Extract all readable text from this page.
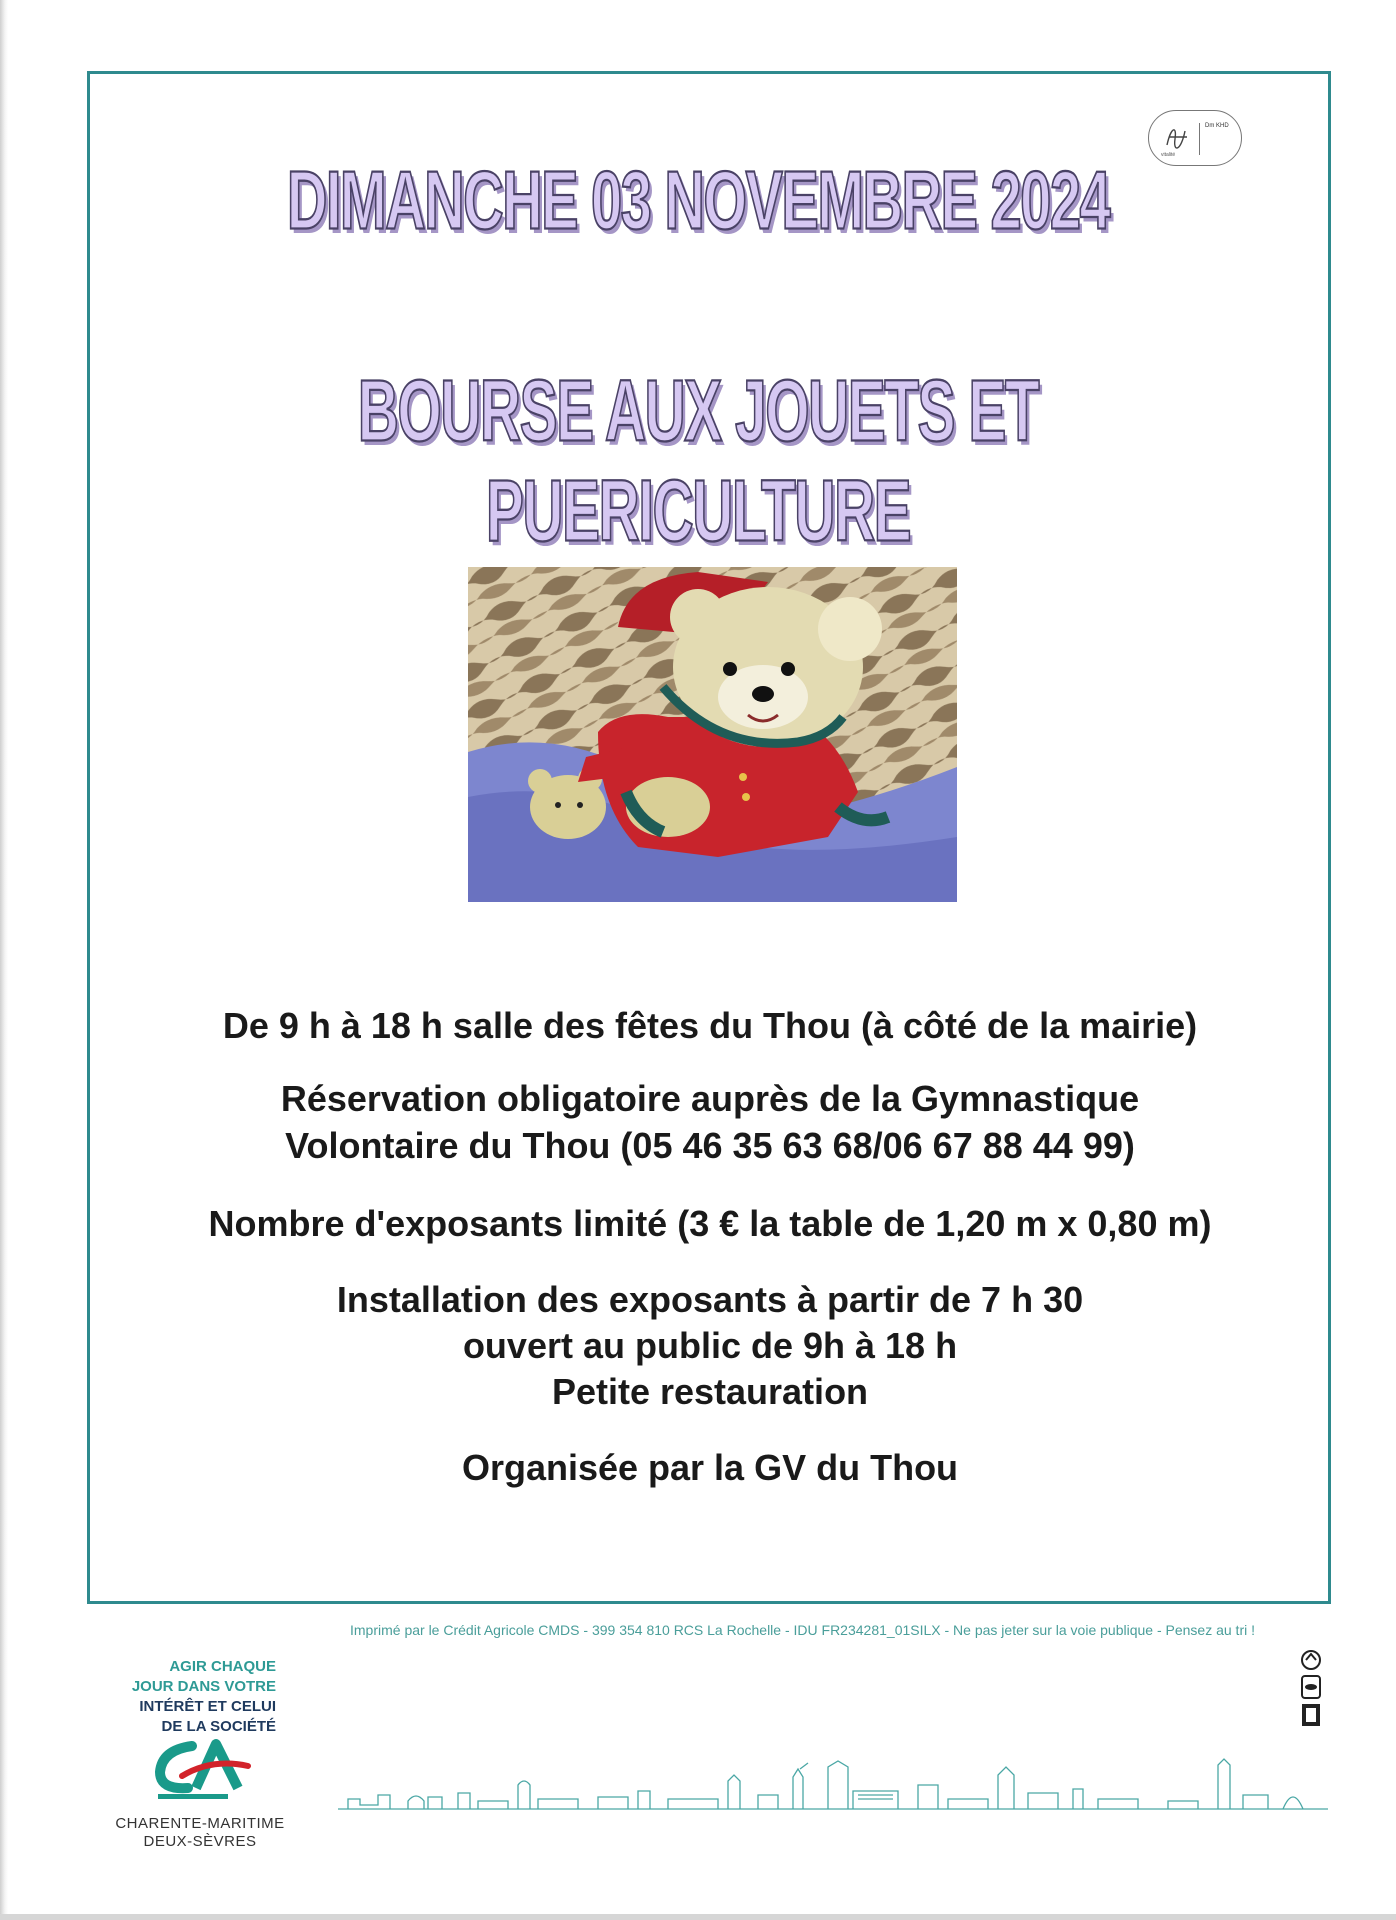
Dm KHD
vitalité
DIMANCHE 03 NOVEMBRE 2024
BOURSE AUX JOUETS ET PUERICULTURE
De 9 h à 18 h salle des fêtes du Thou (à côté de la mairie)
Réservation obligatoire auprès de la Gymnastique
Volontaire du Thou (05 46 35 63 68/06 67 88 44 99)
Nombre d'exposants limité (3 € la table de 1,20 m x 0,80 m)
Installation des exposants à partir de 7 h 30
ouvert au public de 9h à 18 h
Petite restauration
Organisée par la GV du Thou
Imprimé par le Crédit Agricole CMDS - 399 354 810 RCS La Rochelle - IDU FR234281_01SILX - Ne pas jeter sur la voie publique - Pensez au tri !
AGIR CHAQUE
JOUR DANS VOTRE
INTÉRÊT ET CELUI
DE LA SOCIÉTÉ
CHARENTE-MARITIME
DEUX-SÈVRES
